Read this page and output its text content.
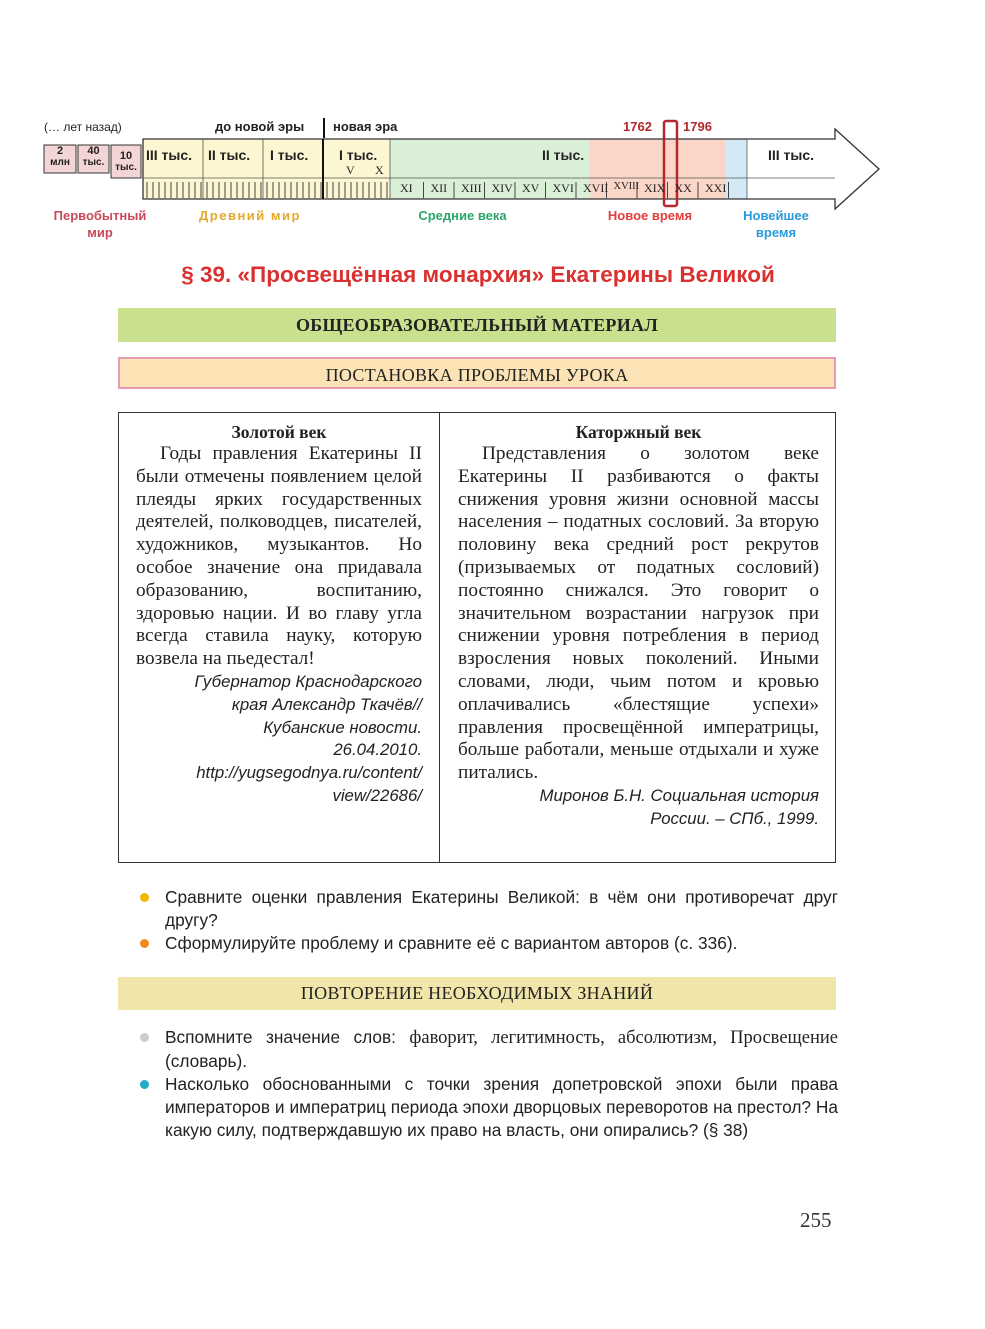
(… лет назад)	до новой эры новая эра	1762 1796
2
млн
40
тыс.
10
тыс.
III тыс. II тыс. I тыс. I тыс.	II тыс.	III тыс.
V X
XI XII XIII XIV XV XVI XVII XVIII XIX XX XXI
Первобытный мир
Древний мир	Средние века	Новое время	Новейшее время
§ 39. «Просвещённая монархия» Екатерины Великой
ОБЩЕОБРАЗОВАТЕЛЬНЫЙ МАТЕРИАЛ
ПОСТАНОВКА ПРОБЛЕМЫ УРОКА
Золотой век

Годы правления Екатерины II были отмечены появлением целой плеяды ярких государственных деятелей, полководцев, писателей, художников, музыкантов. Но особое значение она придавала образованию, воспитанию, здоровью нации. И во главу угла всегда ставила науку, которую возвела на пьедестал!

Губернатор Краснодарского

края Александр Ткачёв//

Кубанские новости.

26.04.2010.

http://yugsegodnya.ru/content/

view/22686/

Каторжный век

Представления о золотом веке Екатерины II разбиваются о факты снижения уровня жизни основной массы населения – податных сословий. За вторую половину века средний рост рекрутов (призываемых от податных сословий) постоянно снижался. Это говорит о значительном возрастании нагрузок при снижении уровня потребления в период взросления новых поколений. Иными словами, люди, чьим потом и кровью оплачивались «блестящие успехи» правления просвещённой императрицы, больше работали, меньше отдыхали и хуже питались.

Миронов Б.Н. Социальная история

России. – СПб., 1999.

Сравните оценки правления Екатерины Великой: в чём они противоречат друг другу?
Сформулируйте проблему и сравните её с вариантом авторов (с. 336).
ПОВТОРЕНИЕ НЕОБХОДИМЫХ ЗНАНИЙ
Вспомните значение слов: фаворит, легитимность, абсолютизм, Просвещение (словарь).
Насколько обоснованными с точки зрения допетровской эпохи были права императоров и императриц периода эпохи дворцовых переворотов на престол? На какую силу, подтверждавшую их право на власть, они опирались? (§ 38)
255
